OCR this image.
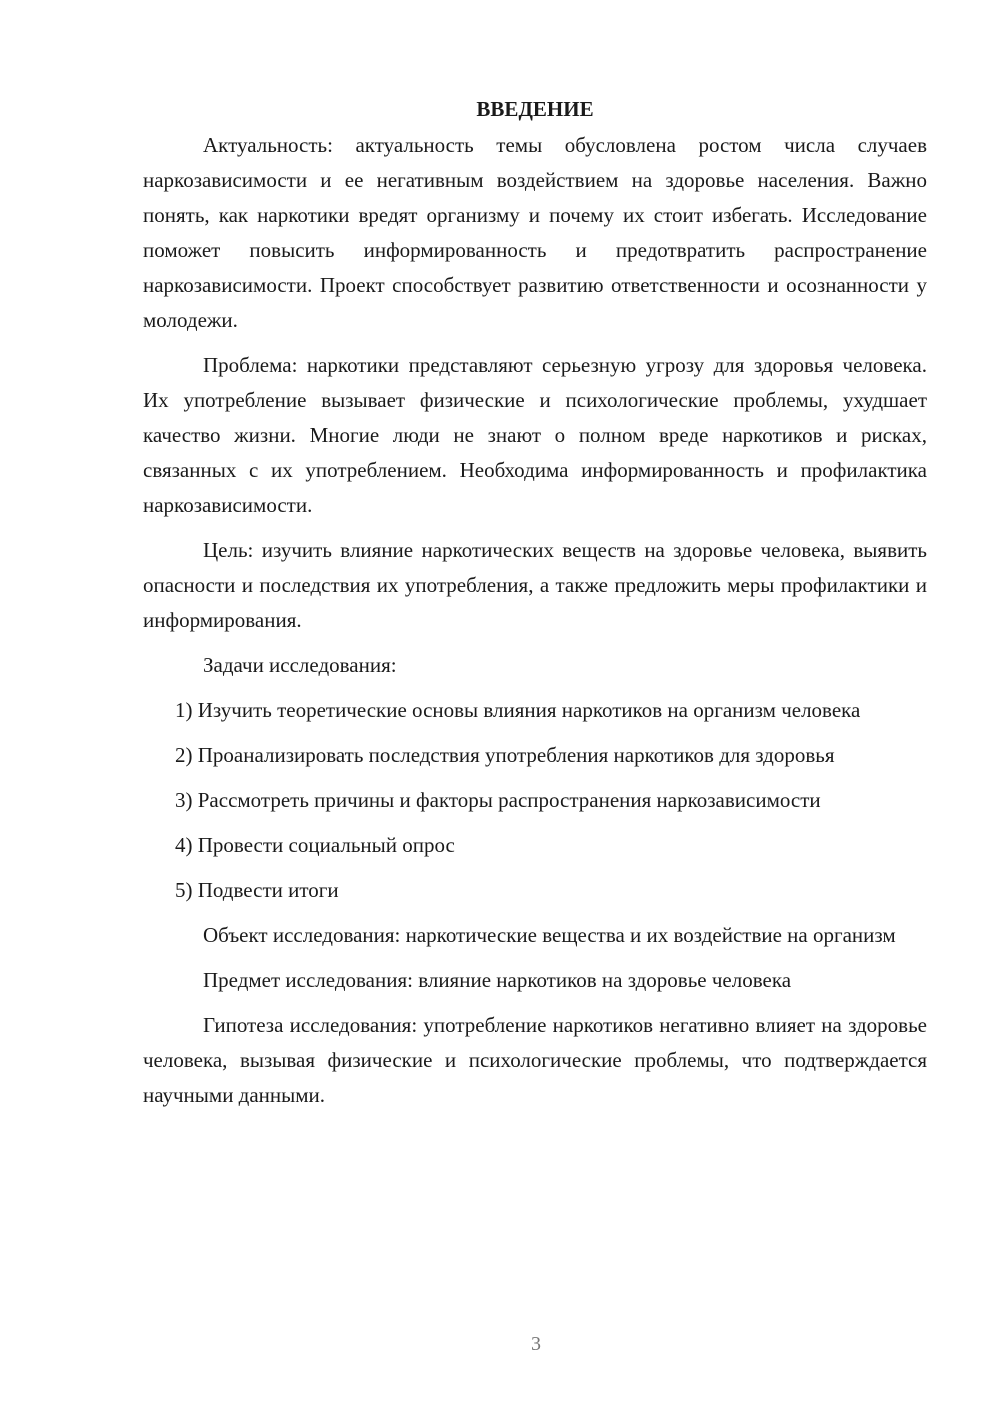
ВВЕДЕНИЕ

Актуальность: актуальность темы обусловлена ростом числа случаев наркозависимости и ее негативным воздействием на здоровье населения. Важно понять, как наркотики вредят организму и почему их стоит избегать. Исследование поможет повысить информированность и предотвратить распространение наркозависимости. Проект способствует развитию ответственности и осознанности у молодежи.

Проблема: наркотики представляют серьезную угрозу для здоровья человека. Их употребление вызывает физические и психологические проблемы, ухудшает качество жизни. Многие люди не знают о полном вреде наркотиков и рисках, связанных с их употреблением. Необходима информированность и профилактика наркозависимости.

Цель: изучить влияние наркотических веществ на здоровье человека, выявить опасности и последствия их употребления, а также предложить меры профилактики и информирования.

Задачи исследования:

1) Изучить теоретические основы влияния наркотиков на организм человека

2) Проанализировать последствия употребления наркотиков для здоровья

3) Рассмотреть причины и факторы распространения наркозависимости

4) Провести социальный опрос

5) Подвести итоги

Объект исследования: наркотические вещества и их воздействие на организм

Предмет исследования: влияние наркотиков на здоровье человека

Гипотеза исследования: употребление наркотиков негативно влияет на здоровье человека, вызывая физические и психологические проблемы, что подтверждается научными данными.

3
